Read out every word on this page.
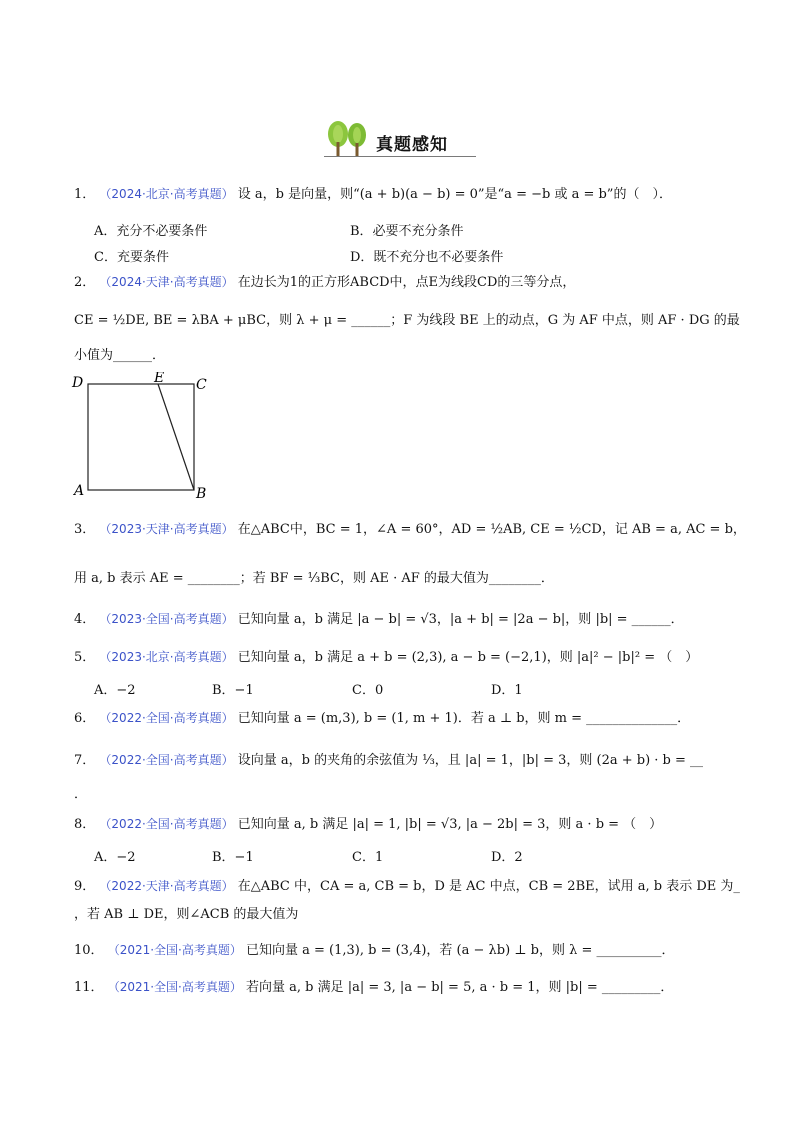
真题感知
1． （2024·北京·高考真题） 设 a，b 是向量，则“(a + b)(a − b) = 0”是“a = −b 或 a = b”的（　）．
A．充分不必要条件	B．必要不充分条件
C．充要条件	D．既不充分也不必要条件
2． （2024·天津·高考真题） 在边长为1的正方形ABCD中，点E为线段CD的三等分点，
CE = ½DE, BE = λBA + μBC，则 λ + μ = ______；F 为线段 BE 上的动点，G 为 AF 中点，则 AF · DG 的最
小值为______．
D	E C
A	B
3． （2023·天津·高考真题） 在△ABC中，BC = 1，∠A = 60°，AD = ½AB, CE = ½CD，记 AB = a, AC = b，
用 a, b 表示 AE = ________；若 BF = ⅓BC，则 AE · AF 的最大值为________．
4． （2023·全国·高考真题） 已知向量 a，b 满足 |a − b| = √3，|a + b| = |2a − b|，则 |b| = ______．
5． （2023·北京·高考真题） 已知向量 a，b 满足 a + b = (2,3), a − b = (−2,1)，则 |a|² − |b|² = （　）
A．−2	B．−1	C．0	D．1
6． （2022·全国·高考真题） 已知向量 a = (m,3), b = (1, m + 1)．若 a ⊥ b，则 m = ______________．
7． （2022·全国·高考真题） 设向量 a，b 的夹角的余弦值为 ⅓，且 |a| = 1，|b| = 3，则 (2a + b) · b = __
．
8． （2022·全国·高考真题） 已知向量 a, b 满足 |a| = 1, |b| = √3, |a − 2b| = 3，则 a · b = （　）
A．−2	B．−1	C．1	D．2
9． （2022·天津·高考真题） 在△ABC 中，CA = a, CB = b，D 是 AC 中点，CB = 2BE，试用 a, b 表示 DE 为_
，若 AB ⊥ DE，则∠ACB 的最大值为
10． （2021·全国·高考真题） 已知向量 a = (1,3), b = (3,4)，若 (a − λb) ⊥ b，则 λ = __________．
11． （2021·全国·高考真题） 若向量 a, b 满足 |a| = 3, |a − b| = 5, a · b = 1，则 |b| = _________．
